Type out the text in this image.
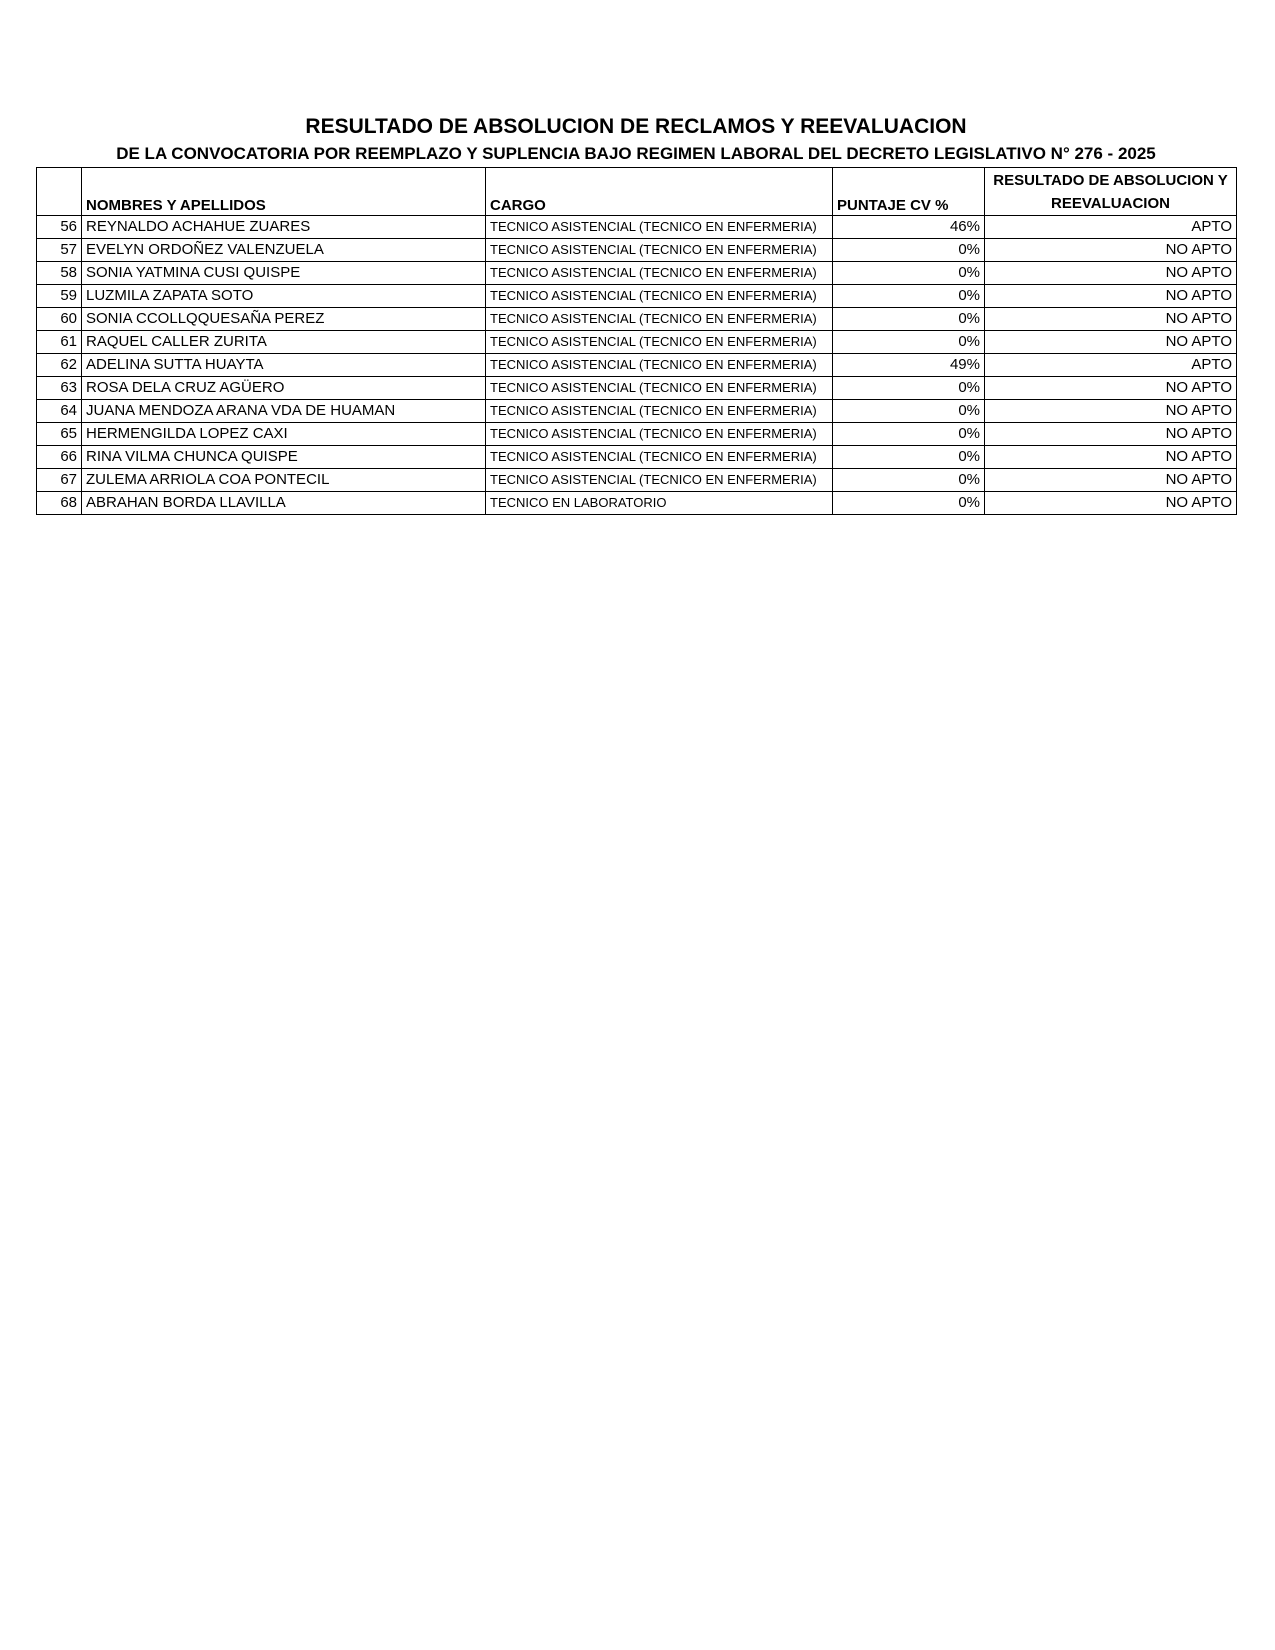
RESULTADO DE ABSOLUCION DE RECLAMOS Y REEVALUACION
DE LA CONVOCATORIA POR REEMPLAZO Y SUPLENCIA BAJO REGIMEN LABORAL DEL DECRETO LEGISLATIVO N° 276 - 2025
	NOMBRES Y APELLIDOS	CARGO	PUNTAJE CV %	RESULTADO DE ABSOLUCION Y REEVALUACION
56	REYNALDO ACHAHUE ZUARES	TECNICO ASISTENCIAL (TECNICO EN ENFERMERIA)	46%	APTO
57	EVELYN ORDOÑEZ VALENZUELA	TECNICO ASISTENCIAL (TECNICO EN ENFERMERIA)	0%	NO APTO
58	SONIA YATMINA CUSI QUISPE	TECNICO ASISTENCIAL (TECNICO EN ENFERMERIA)	0%	NO APTO
59	LUZMILA ZAPATA SOTO	TECNICO ASISTENCIAL (TECNICO EN ENFERMERIA)	0%	NO APTO
60	SONIA CCOLLQQUESAÑA PEREZ	TECNICO ASISTENCIAL (TECNICO EN ENFERMERIA)	0%	NO APTO
61	RAQUEL CALLER ZURITA	TECNICO ASISTENCIAL (TECNICO EN ENFERMERIA)	0%	NO APTO
62	ADELINA SUTTA HUAYTA	TECNICO ASISTENCIAL (TECNICO EN ENFERMERIA)	49%	APTO
63	ROSA DELA CRUZ AGÜERO	TECNICO ASISTENCIAL (TECNICO EN ENFERMERIA)	0%	NO APTO
64	JUANA MENDOZA ARANA VDA DE HUAMAN	TECNICO ASISTENCIAL (TECNICO EN ENFERMERIA)	0%	NO APTO
65	HERMENGILDA LOPEZ CAXI	TECNICO ASISTENCIAL (TECNICO EN ENFERMERIA)	0%	NO APTO
66	RINA VILMA CHUNCA QUISPE	TECNICO ASISTENCIAL (TECNICO EN ENFERMERIA)	0%	NO APTO
67	ZULEMA ARRIOLA COA PONTECIL	TECNICO ASISTENCIAL (TECNICO EN ENFERMERIA)	0%	NO APTO
68	ABRAHAN BORDA LLAVILLA	TECNICO EN LABORATORIO	0%	NO APTO
